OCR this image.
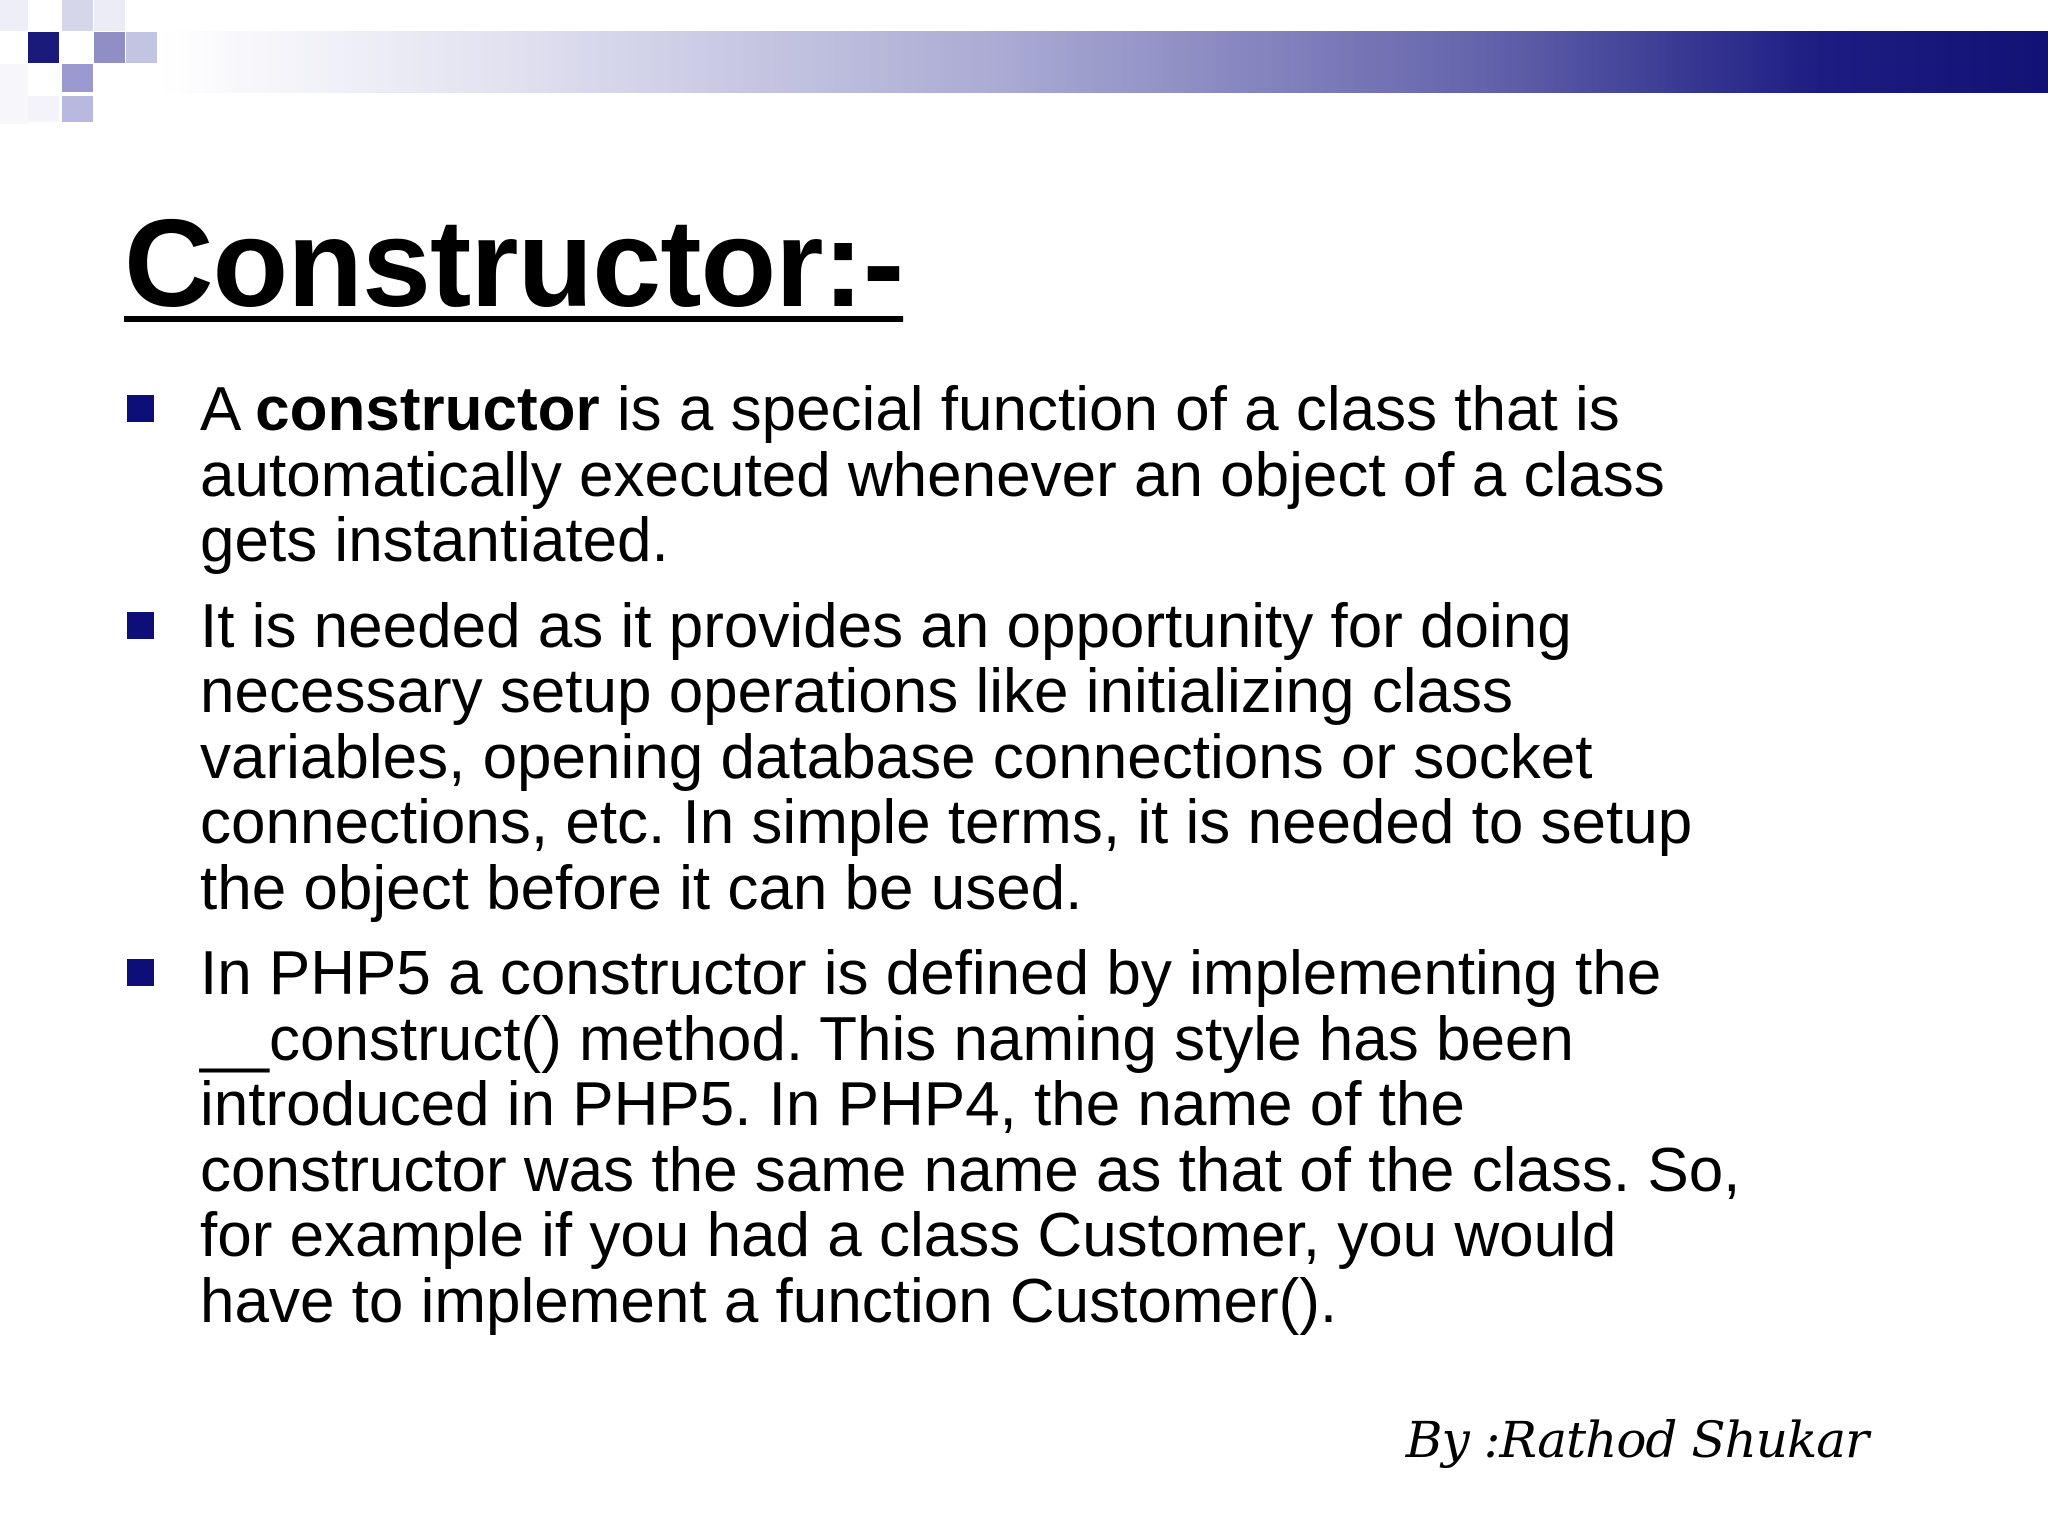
Constructor:-
A constructor is a special function of a class that is
automatically executed whenever an object of a class
gets instantiated.
It is needed as it provides an opportunity for doing
necessary setup operations like initializing class
variables, opening database connections or socket
connections, etc. In simple terms, it is needed to setup
the object before it can be used.
In PHP5 a constructor is defined by implementing the
__construct() method. This naming style has been
introduced in PHP5. In PHP4, the name of the
constructor was the same name as that of the class. So,
for example if you had a class Customer, you would
have to implement a function Customer().
By :Rathod Shukar
